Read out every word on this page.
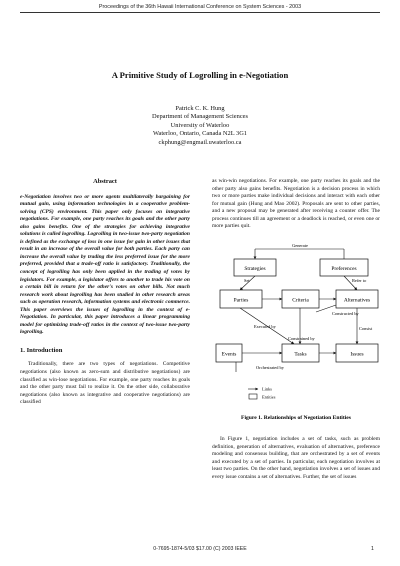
Proceedings of the 36th Hawaii International Conference on System Sciences - 2003
A Primitive Study of Logrolling in e-Negotiation
Patrick C. K. Hung
Department of Management Sciences
University of Waterloo
Waterloo, Ontario, Canada N2L 3G1
ckphung@engmail.uwaterloo.ca

Abstract

e-Negotiation involves two or more agents multilaterally bargaining for mutual gain, using information technologies in a cooperative problem-solving (CPS) environment. This paper only focuses on integrative negotiations. For example, one party reaches its goals and the other party also gains benefits. One of the strategies for achieving integrative solutions is called logrolling. Logrolling in two-issue two-party negotiation is defined as the exchange of loss in one issue for gain in other issues that result in an increase of the overall value for both parties. Each party can increase the overall value by trading the less preferred issue for the more preferred, provided that a trade-off ratio is satisfactory. Traditionally, the concept of logrolling has only been applied in the trading of votes by legislators. For example, a legislator offers to another to trade his vote on a certain bill in return for the other's votes on other bills. Not much research work about logrolling has been studied in other research areas such as operation research, information systems and electronic commerce. This paper overviews the issues of logrolling in the context of e-Negotiation. In particular, this paper introduces a linear programming model for optimizing trade-off ratios in the context of two-issue two-party logrolling.

1. Introduction

Traditionally, there are two types of negotiations. Competitive negotiations (also known as zero-sum and distributive negotiations) are classified as win-lose negotiations. For example, one party reaches its goals and the other party must fail to realize it. On the other side, collaborative negotiations (also known as integrative and cooperative negotiations) are classified

as win-win negotiations. For example, one party reaches its goals and the other party also gains benefits. Negotiation is a decision process in which two or more parties make individual decisions and interact with each other for mutual gain (Hung and Mao 2002). Proposals are sent to other parties, and a new proposal may be generated after receiving a counter offer. The process continues till an agreement or a deadlock is reached, or even one or more parties quit.

Generate
Set	Refer to
Consist
Constructed by
Executed by
Constrained by
Orchestrated by
Strategies	Preferences
Parties	Criteria	Alternatives
Events	Tasks	Issues
Links
Entities
Figure 1. Relationships of Negotiation Entities

In Figure 1, negotiation includes a set of tasks, such as problem definition, generation of alternatives, evaluation of alternatives, preference modeling and consensus building, that are orchestrated by a set of events and executed by a set of parties. In particular, each negotiation involves at least two parties. On the other hand, negotiation involves a set of issues and every issue contains a set of alternatives. Further, the set of issues

0-7695-1874-5/03 $17.00 (C) 2003 IEEE	1
